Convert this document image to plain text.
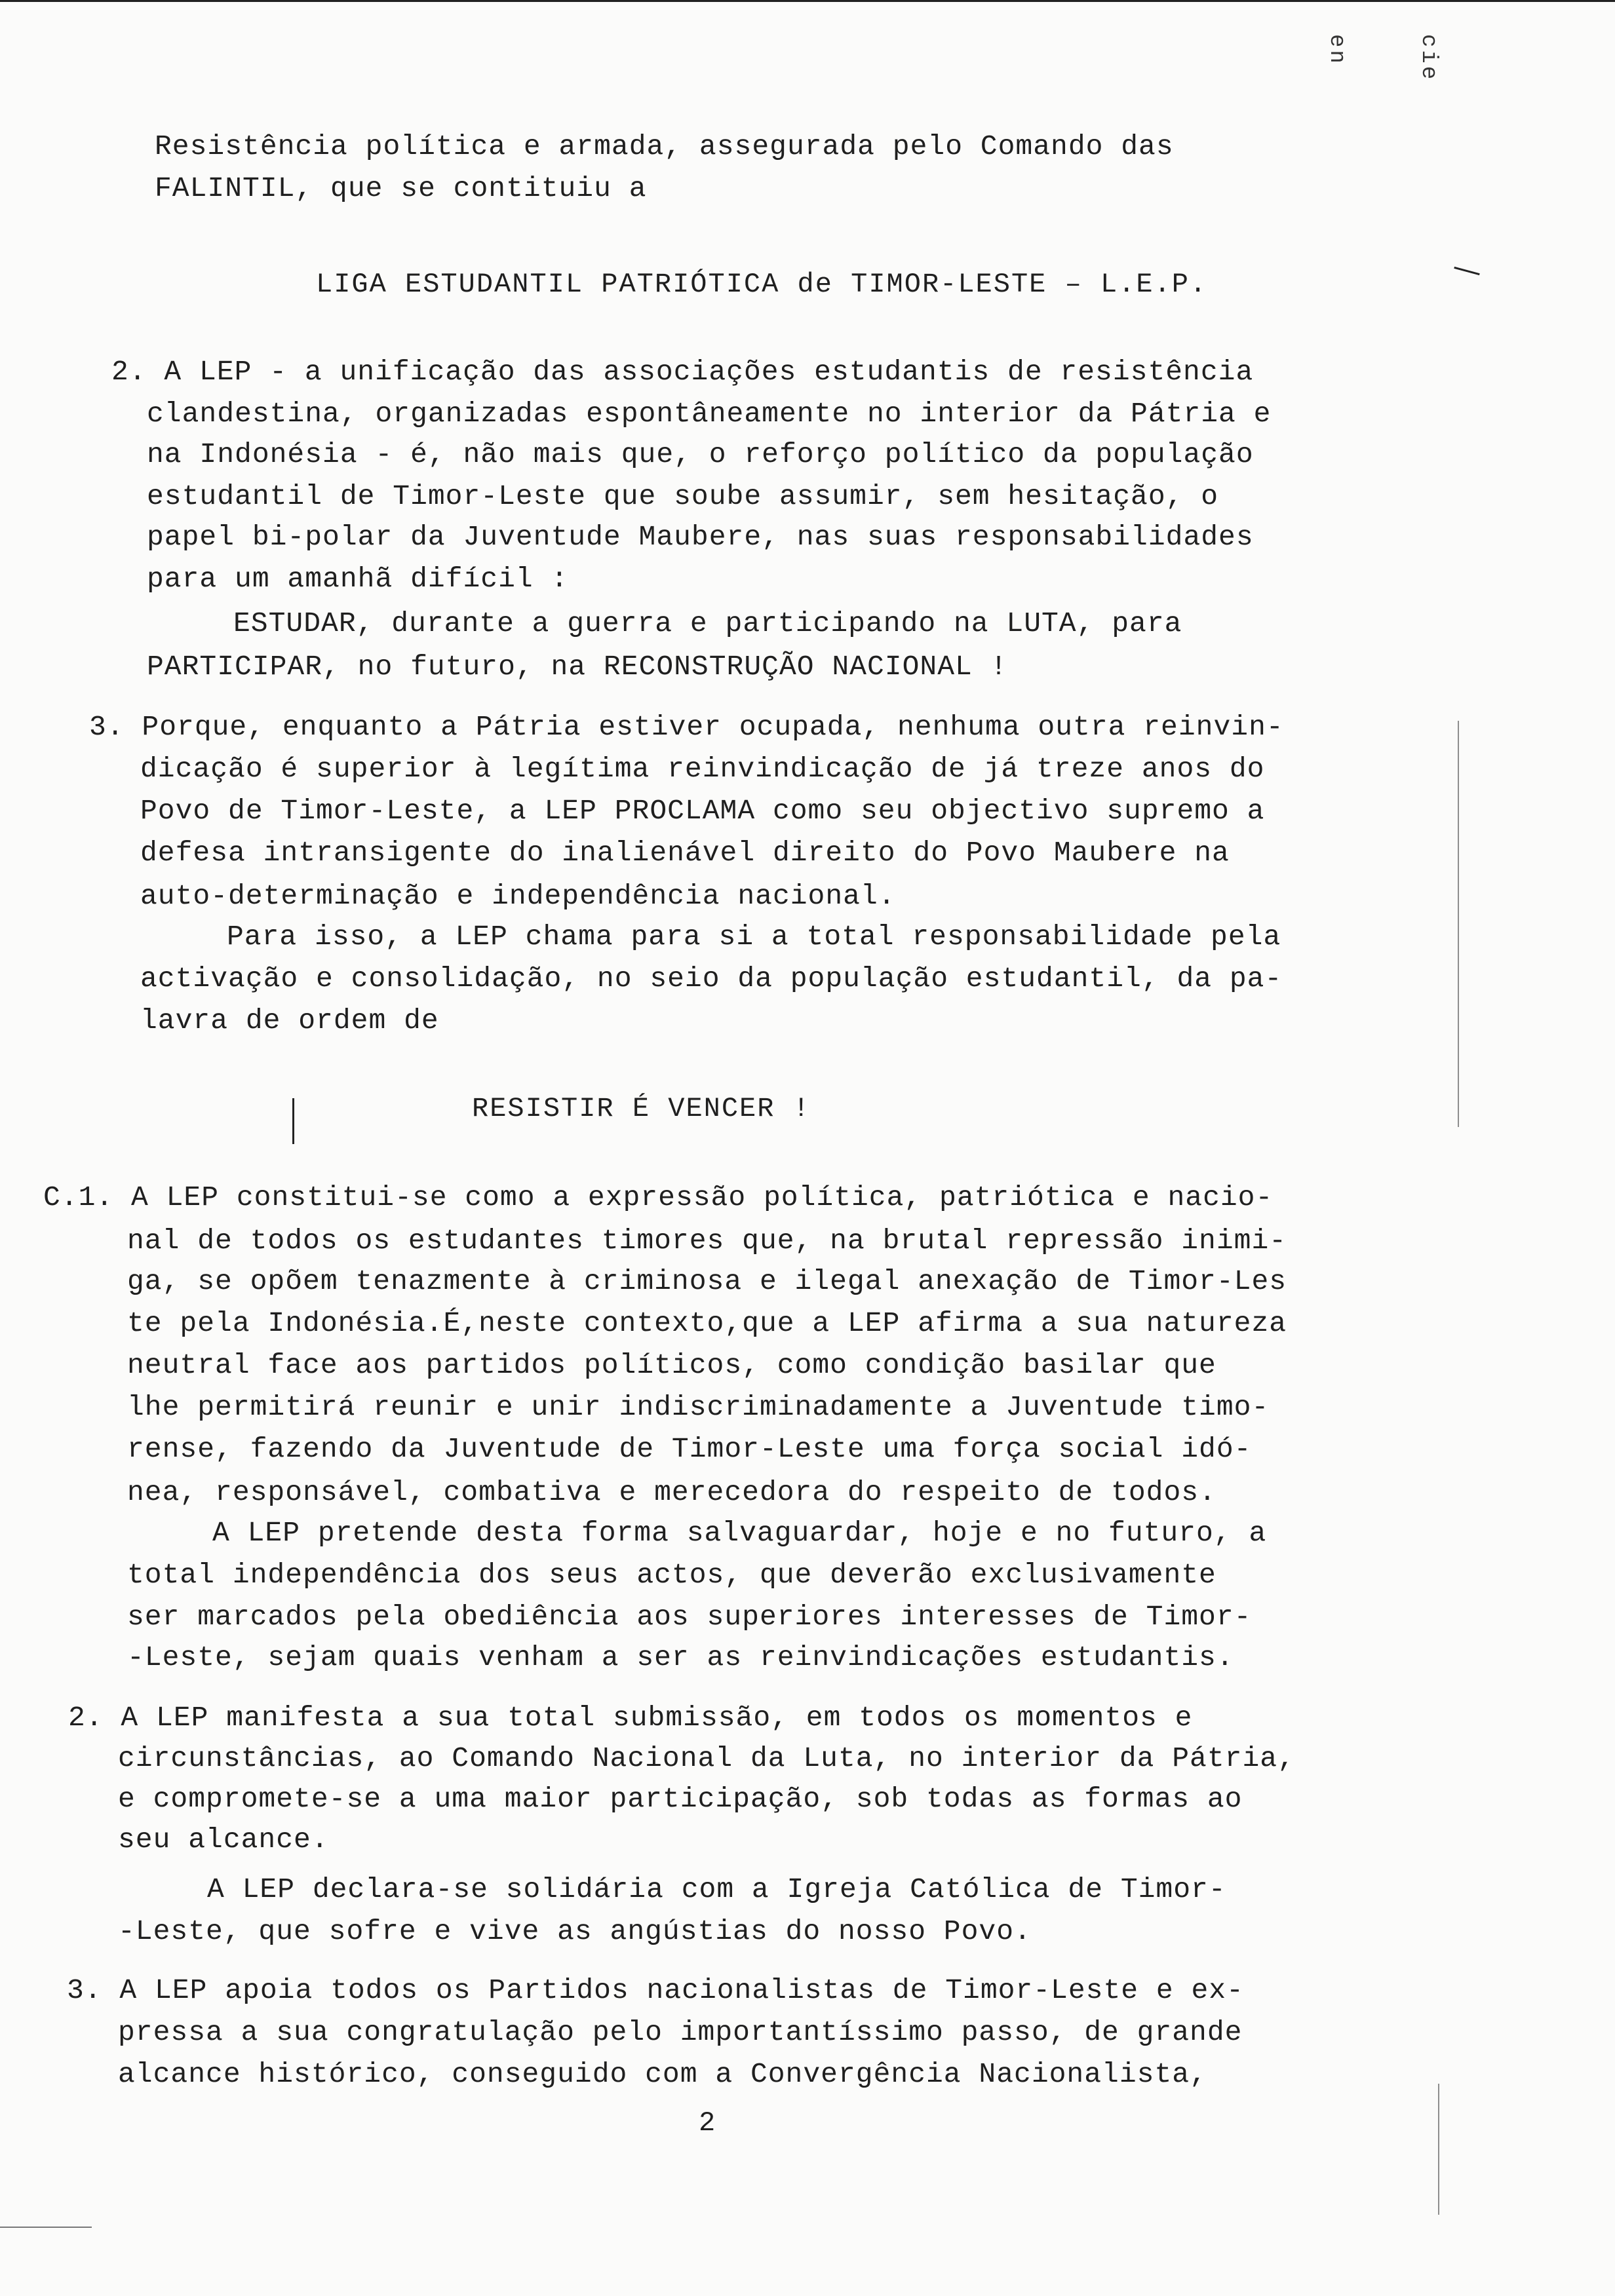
en	cie
Resistência política e armada, assegurada pelo Comando das
FALINTIL, que se contituiu a
LIGA ESTUDANTIL PATRIÓTICA de TIMOR-LESTE – L.E.P.
2. A LEP - a unificação das associações estudantis de resistência
clandestina, organizadas espontâneamente no interior da Pátria e
na Indonésia - é, não mais que, o reforço político da população
estudantil de Timor-Leste que soube assumir, sem hesitação, o
papel bi-polar da Juventude Maubere, nas suas responsabilidades
para um amanhã difícil :
ESTUDAR, durante a guerra e participando na LUTA, para
PARTICIPAR, no futuro, na RECONSTRUÇÃO NACIONAL !
3. Porque, enquanto a Pátria estiver ocupada, nenhuma outra reinvin-
dicação é superior à legítima reinvindicação de já treze anos do
Povo de Timor-Leste, a LEP PROCLAMA como seu objectivo supremo a
defesa intransigente do inalienável direito do Povo Maubere na
auto-determinação e independência nacional.
Para isso, a LEP chama para si a total responsabilidade pela
activação e consolidação, no seio da população estudantil, da pa-
lavra de ordem de
RESISTIR É VENCER !
C.1. A LEP constitui-se como a expressão política, patriótica e nacio-
nal de todos os estudantes timores que, na brutal repressão inimi-
ga, se opõem tenazmente à criminosa e ilegal anexação de Timor-Les
te pela Indonésia.É,neste contexto,que a LEP afirma a sua natureza
neutral face aos partidos políticos, como condição basilar que
lhe permitirá reunir e unir indiscriminadamente a Juventude timo-
rense, fazendo da Juventude de Timor-Leste uma força social idó-
nea, responsável, combativa e merecedora do respeito de todos.
A LEP pretende desta forma salvaguardar, hoje e no futuro, a
total independência dos seus actos, que deverão exclusivamente
ser marcados pela obediência aos superiores interesses de Timor-
-Leste, sejam quais venham a ser as reinvindicações estudantis.
2. A LEP manifesta a sua total submissão, em todos os momentos e
circunstâncias, ao Comando Nacional da Luta, no interior da Pátria,
e compromete-se a uma maior participação, sob todas as formas ao
seu alcance.
A LEP declara-se solidária com a Igreja Católica de Timor-
-Leste, que sofre e vive as angústias do nosso Povo.
3. A LEP apoia todos os Partidos nacionalistas de Timor-Leste e ex-
pressa a sua congratulação pelo importantíssimo passo, de grande
alcance histórico, conseguido com a Convergência Nacionalista,
2
